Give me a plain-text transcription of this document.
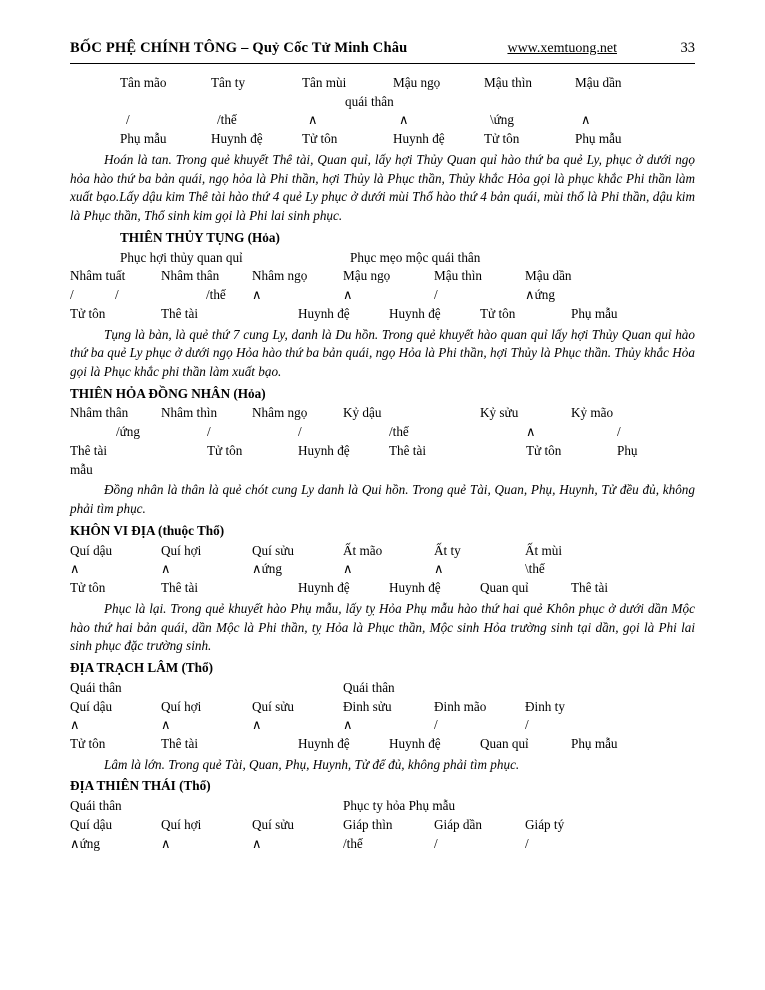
BỐC PHỆ CHÍNH TÔNG – Quỷ Cốc Tử Minh Châu	www.xemtuong.net	33
Tân mão	Tân ty	Tân mùi	Mậu ngọ	Mậu thìn	Mậu dần
quái thân
/	/thế	∧	∧	\ứng	∧
Phụ mẫu	Huynh đệ	Tử tôn	Huynh đệ	Tử tôn	Phụ mẫu

Hoán là tan. Trong quẻ khuyết Thê tài, Quan quỉ, lấy hợi Thủy Quan quỉ hào thứ ba quẻ Ly, phục ở dưới ngọ hỏa hào thứ ba bản quái, ngọ hỏa là Phi thần, hợi Thủy là Phục thần, Thủy khắc Hỏa gọi là phục khắc Phi thần làm xuất bạo.Lấy dậu kim Thê tài hào thứ 4 quẻ Ly phục ở dưới mùi Thổ hào thứ 4 bản quái, mùi thổ là Phi thần, dậu kim là Phục thần, Thổ sinh kim gọi là Phi lai sinh phục.

THIÊN THỦY TỤNG (Hỏa)
Phục hợi thủy quan quỉ	Phục mẹo mộc quái thân
Nhâm tuất	Nhâm thân	Nhâm ngọ	Mậu ngọ	Mậu thìn	Mậu dần
/	/	/thế	∧	∧	/	∧ứng
Tử tôn	Thê tài	Huynh đệ	Huynh đệ	Tử tôn	Phụ mẫu

Tụng là bàn, là quẻ thứ 7 cung Ly, danh là Du hồn. Trong quẻ khuyết hào quan quỉ lấy hợi Thủy Quan quỉ hào thứ ba quẻ Ly phục ở dưới ngọ Hỏa hào thứ ba bản quái, ngọ Hỏa là Phi thần, hợi Thủy là Phục thần. Thủy khắc Hỏa gọi là Phục khắc phi thần làm xuất bạo.

THIÊN HỎA ĐỒNG NHÂN (Hỏa)
Nhâm thân	Nhâm thìn	Nhâm ngọ	Kỷ dậu	Kỷ sửu	Kỷ mão
/ứng	/	/	/thế	∧	/
Thê tài	Tử tôn	Huynh đệ	Thê tài	Tử tôn	Phụ
mẫu

Đồng nhân là thân là quẻ chót cung Ly danh là Qui hồn. Trong quẻ Tài, Quan, Phụ, Huynh, Tử đều đủ, không phải tìm phục.

KHÔN VI ĐỊA (thuộc Thổ)
Quí dậu	Quí hợi	Quí sửu	Ất mão	Ất ty	Ất mùi
∧	∧	∧ứng	∧	∧	\thế
Tử tôn	Thê tài	Huynh đệ	Huynh đệ	Quan quỉ	Thê tài

Phục là lại. Trong quẻ khuyết hào Phụ mẫu, lấy tỵ Hỏa Phụ mẫu hào thứ hai quẻ Khôn phục ở dưới dần Mộc hào thứ hai bản quái, dần Mộc là Phi thần, tỵ Hỏa là Phục thần, Mộc sinh Hỏa trường sinh tại dần, gọi là Phi lai sinh phục đặc trường sinh.

ĐỊA TRẠCH LÂM (Thổ)
Quái thân	Quái thân
Quí dậu	Quí hợi	Quí sửu	Đinh sửu	Đinh mão	Đinh ty
∧	∧	∧	∧	/	/
Tử tôn	Thê tài	Huynh đệ	Huynh đệ	Quan quỉ	Phụ mẫu

Lâm là lớn. Trong quẻ Tài, Quan, Phụ, Huynh, Tử để đủ, không phải tìm phục.

ĐỊA THIÊN THÁI (Thổ)
Quái thân	Phục ty hỏa Phụ mẫu
Quí dậu	Quí hợi	Quí sửu	Giáp thìn	Giáp dần	Giáp tý
∧ứng	∧	∧	/thế	/	/
